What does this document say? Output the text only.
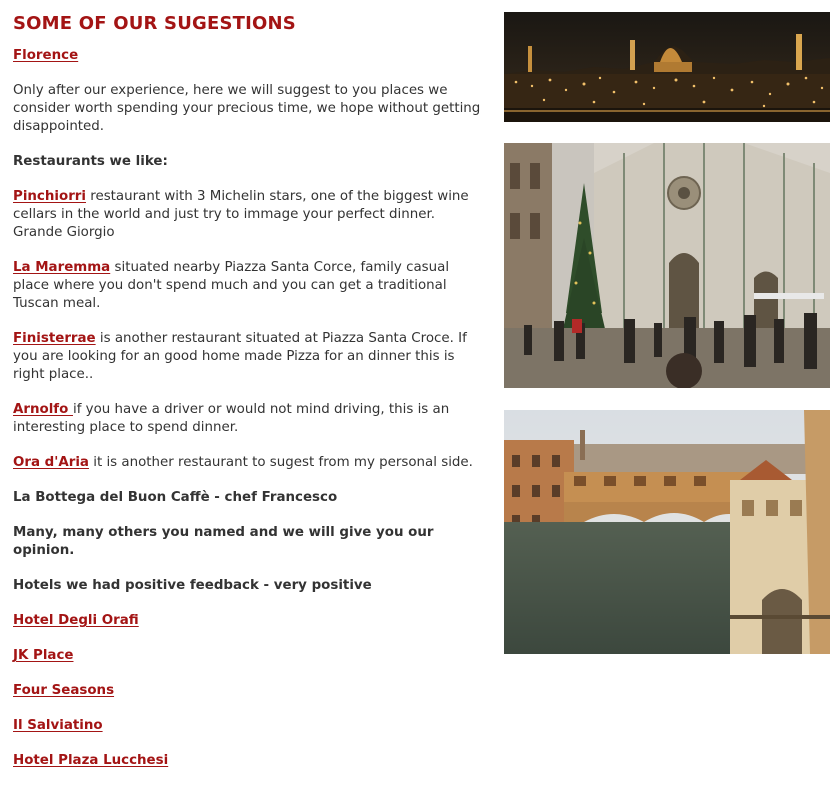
SOME OF OUR SUGESTIONS

Florence

Only after our experience, here we will suggest to you places we consider worth spending your precious time, we hope without getting disappointed.

Restaurants we like:

Pinchiorri restaurant with 3 Michelin stars, one of the biggest wine cellars in the world and just try to immage your perfect dinner. Grande Giorgio

La Maremma situated nearby Piazza Santa Corce, family casual place where you don't spend much and you can get a traditional Tuscan meal.

Finisterrae is another restaurant situated at Piazza Santa Croce. If you are looking for an good home made Pizza for an dinner this is right place..

Arnolfo if you have a driver or would not mind driving, this is an interesting place to spend dinner.

Ora d'Aria it is another restaurant to sugest from my personal side.

La Bottega del Buon Caffè - chef Francesco

Many, many others you named and we will give you our opinion.

Hotels we had positive feedback - very positive

Hotel Degli Orafi

JK Place

Four Seasons

Il Salviatino

Hotel Plaza Lucchesi
